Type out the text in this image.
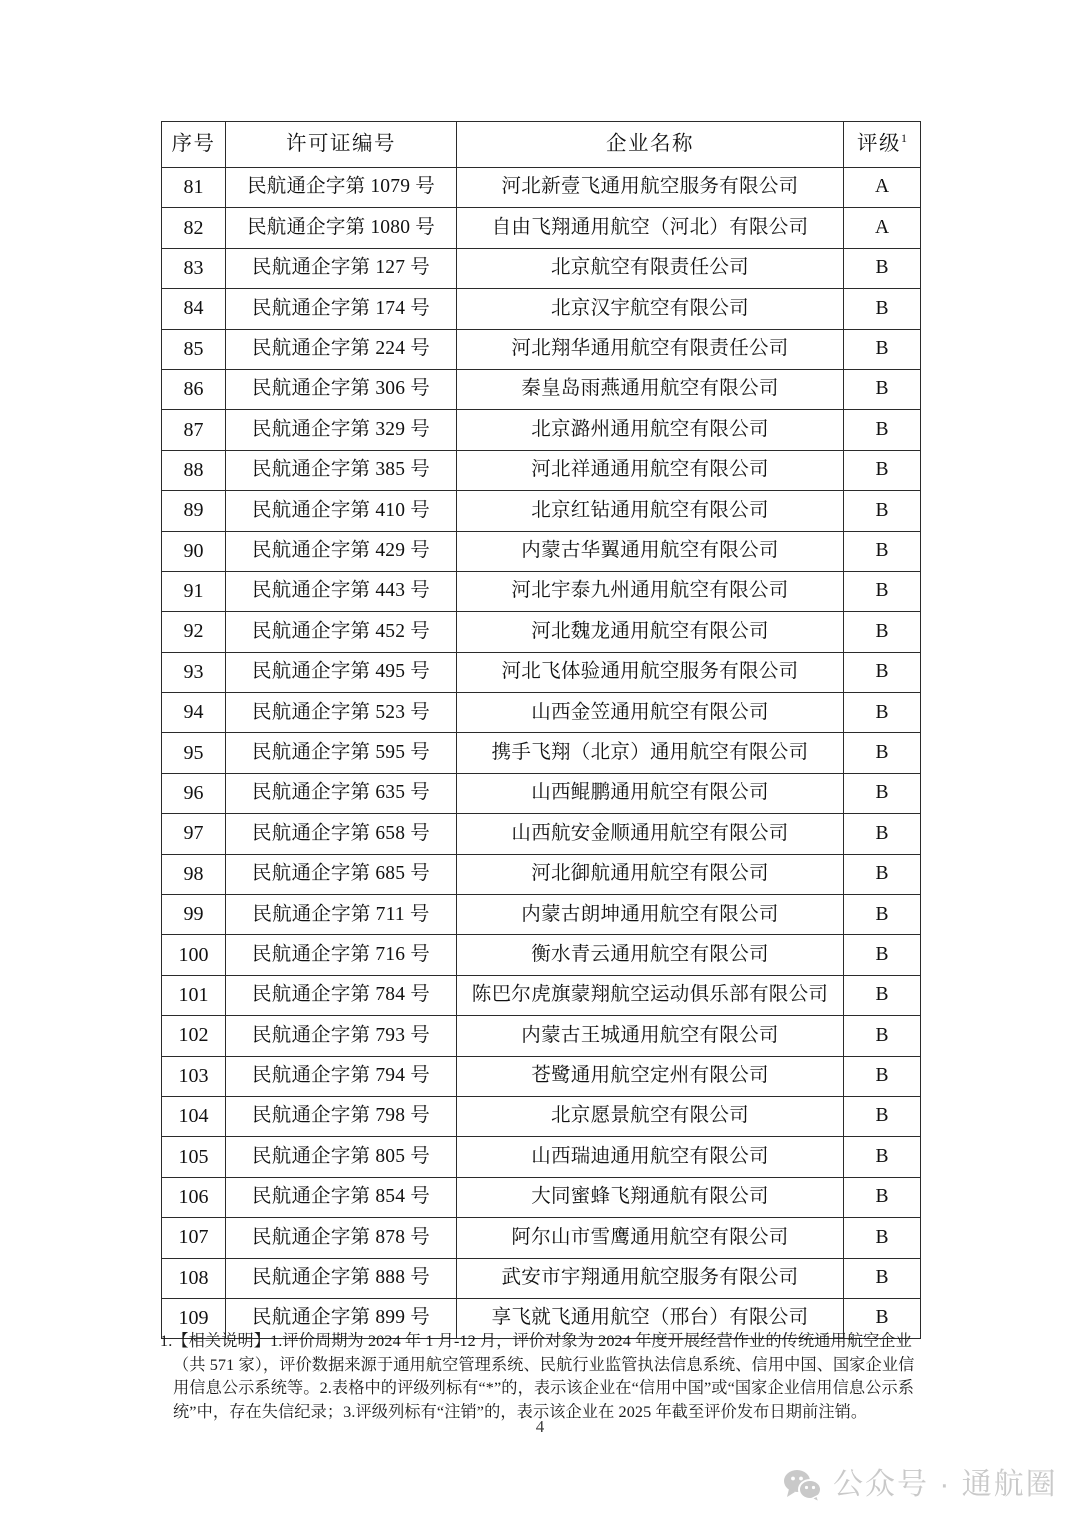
序号	许可证编号	企业名称	评级$^1$
81	民航通企字第 1079 号	河北新壹飞通用航空服务有限公司	A
82	民航通企字第 1080 号	自由飞翔通用航空（河北）有限公司	A
83	民航通企字第 127 号	北京航空有限责任公司	B
84	民航通企字第 174 号	北京汉宇航空有限公司	B
85	民航通企字第 224 号	河北翔华通用航空有限责任公司	B
86	民航通企字第 306 号	秦皇岛雨燕通用航空有限公司	B
87	民航通企字第 329 号	北京潞州通用航空有限公司	B
88	民航通企字第 385 号	河北祥通通用航空有限公司	B
89	民航通企字第 410 号	北京红钻通用航空有限公司	B
90	民航通企字第 429 号	内蒙古华翼通用航空有限公司	B
91	民航通企字第 443 号	河北宇泰九州通用航空有限公司	B
92	民航通企字第 452 号	河北魏龙通用航空有限公司	B
93	民航通企字第 495 号	河北飞体验通用航空服务有限公司	B
94	民航通企字第 523 号	山西金笠通用航空有限公司	B
95	民航通企字第 595 号	携手飞翔（北京）通用航空有限公司	B
96	民航通企字第 635 号	山西鲲鹏通用航空有限公司	B
97	民航通企字第 658 号	山西航安金顺通用航空有限公司	B
98	民航通企字第 685 号	河北御航通用航空有限公司	B
99	民航通企字第 711 号	内蒙古朗坤通用航空有限公司	B
100	民航通企字第 716 号	衡水青云通用航空有限公司	B
101	民航通企字第 784 号	陈巴尔虎旗蒙翔航空运动俱乐部有限公司	B
102	民航通企字第 793 号	内蒙古王城通用航空有限公司	B
103	民航通企字第 794 号	苍鹭通用航空定州有限公司	B
104	民航通企字第 798 号	北京愿景航空有限公司	B
105	民航通企字第 805 号	山西瑞迪通用航空有限公司	B
106	民航通企字第 854 号	大同蜜蜂飞翔通航有限公司	B
107	民航通企字第 878 号	阿尔山市雪鹰通用航空有限公司	B
108	民航通企字第 888 号	武安市宇翔通用航空服务有限公司	B
109	民航通企字第 899 号	享飞就飞通用航空（邢台）有限公司	B
1.【相关说明】1.评价周期为 2024 年 1 月-12 月，评价对象为 2024 年度开展经营作业的传统通用航空企业
（共 571 家），评价数据来源于通用航空管理系统、民航行业监管执法信息系统、信用中国、国家企业信
用信息公示系统等。2.表格中的评级列标有“*”的，表示该企业在“信用中国”或“国家企业信用信息公示系
统”中，存在失信纪录；3.评级列标有“注销”的，表示该企业在 2025 年截至评价发布日期前注销。
4
公众号 · 通航圈
